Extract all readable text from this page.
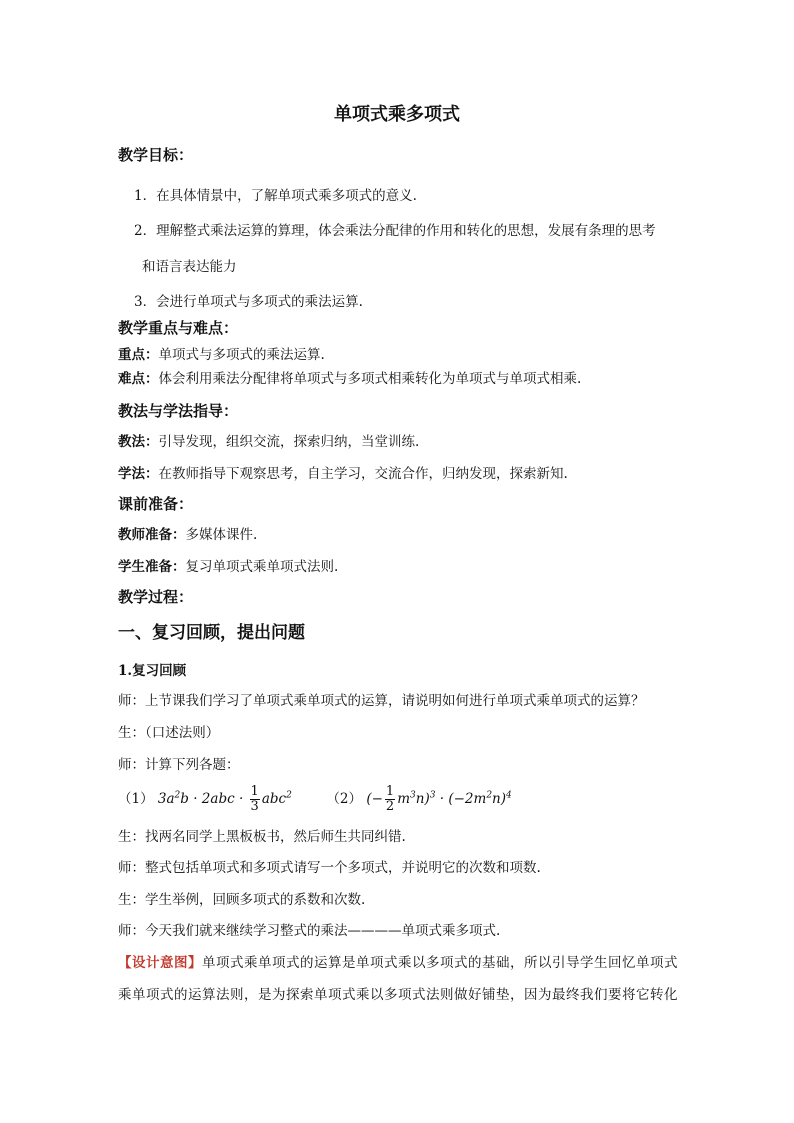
单项式乘多项式
教学目标：
1．在具体情景中，了解单项式乘多项式的意义.
2．理解整式乘法运算的算理，体会乘法分配律的作用和转化的思想，发展有条理的思考
和语言表达能力
3．会进行单项式与多项式的乘法运算.
教学重点与难点：
重点：单项式与多项式的乘法运算.
难点：体会利用乘法分配律将单项式与多项式相乘转化为单项式与单项式相乘.
教法与学法指导：
教法：引导发现，组织交流，探索归纳，当堂训练.
学法：在教师指导下观察思考，自主学习，交流合作，归纳发现，探索新知.
课前准备：
教师准备：多媒体课件.
学生准备：复习单项式乘单项式法则.
教学过程：
一、复习回顾，提出问题
1.复习回顾
师：上节课我们学习了单项式乘单项式的运算，请说明如何进行单项式乘单项式的运算？
生：（口述法则）
师：计算下列各题：
（1） $3a^2b \cdot 2abc \cdot \frac{1}{3} abc^2$	（2） (− $\frac{1}{2} m^3n)^3 \cdot (-2m^2n)^4$
生：找两名同学上黑板板书，然后师生共同纠错.
师：整式包括单项式和多项式请写一个多项式，并说明它的次数和项数.
生：学生举例，回顾多项式的系数和次数.
师：今天我们就来继续学习整式的乘法————单项式乘多项式.
【设计意图】单项式乘单项式的运算是单项式乘以多项式的基础，所以引导学生回忆单项式
乘单项式的运算法则，是为探索单项式乘以多项式法则做好铺垫，因为最终我们要将它转化
